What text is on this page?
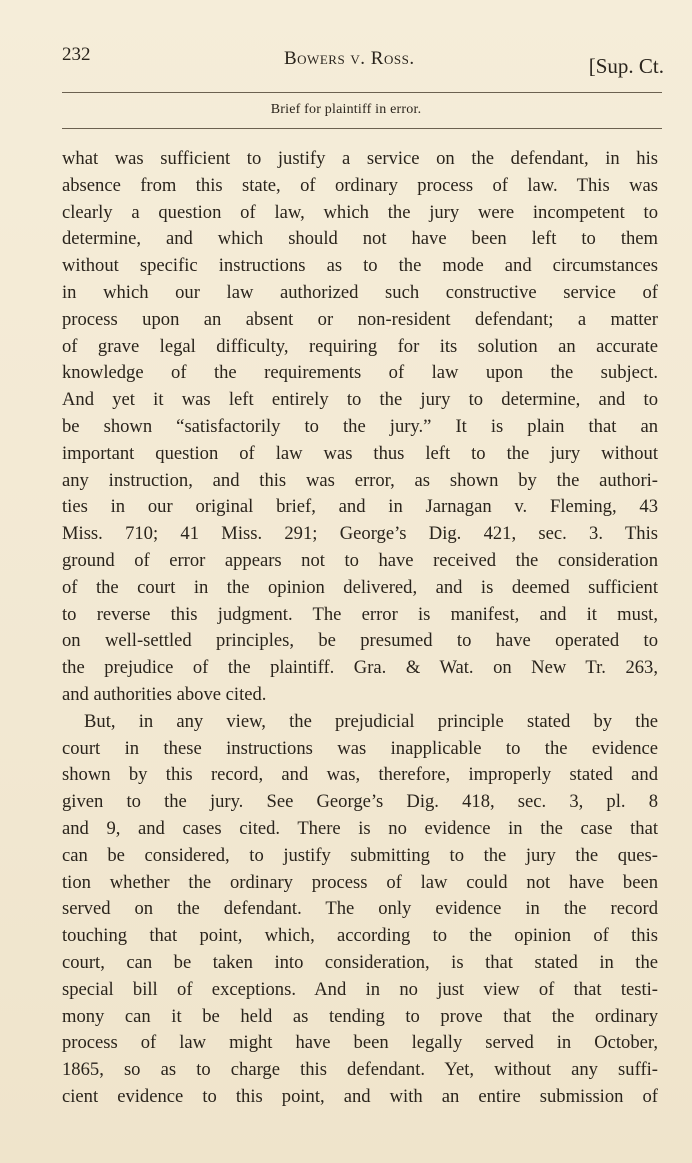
232	Bowers v. Ross.	[Sup. Ct.
Brief for plaintiff in error.
what was sufficient to justify a service on the defendant, in his
absence from this state, of ordinary process of law. This was
clearly a question of law, which the jury were incompetent to
determine, and which should not have been left to them
without specific instructions as to the mode and circumstances
in which our law authorized such constructive service of
process upon an absent or non-resident defendant; a matter
of grave legal difficulty, requiring for its solution an accurate
knowledge of the requirements of law upon the subject.
And yet it was left entirely to the jury to determine, and to
be shown “satisfactorily to the jury.” It is plain that an
important question of law was thus left to the jury without
any instruction, and this was error, as shown by the authori-
ties in our original brief, and in Jarnagan v. Fleming, 43
Miss. 710; 41 Miss. 291; George’s Dig. 421, sec. 3. This
ground of error appears not to have received the consideration
of the court in the opinion delivered, and is deemed sufficient
to reverse this judgment. The error is manifest, and it must,
on well-settled principles, be presumed to have operated to
the prejudice of the plaintiff. Gra. & Wat. on New Tr. 263,
and authorities above cited.
But, in any view, the prejudicial principle stated by the
court in these instructions was inapplicable to the evidence
shown by this record, and was, therefore, improperly stated and
given to the jury. See George’s Dig. 418, sec. 3, pl. 8
and 9, and cases cited. There is no evidence in the case that
can be considered, to justify submitting to the jury the ques-
tion whether the ordinary process of law could not have been
served on the defendant. The only evidence in the record
touching that point, which, according to the opinion of this
court, can be taken into consideration, is that stated in the
special bill of exceptions. And in no just view of that testi-
mony can it be held as tending to prove that the ordinary
process of law might have been legally served in October,
1865, so as to charge this defendant. Yet, without any suffi-
cient evidence to this point, and with an entire submission of
